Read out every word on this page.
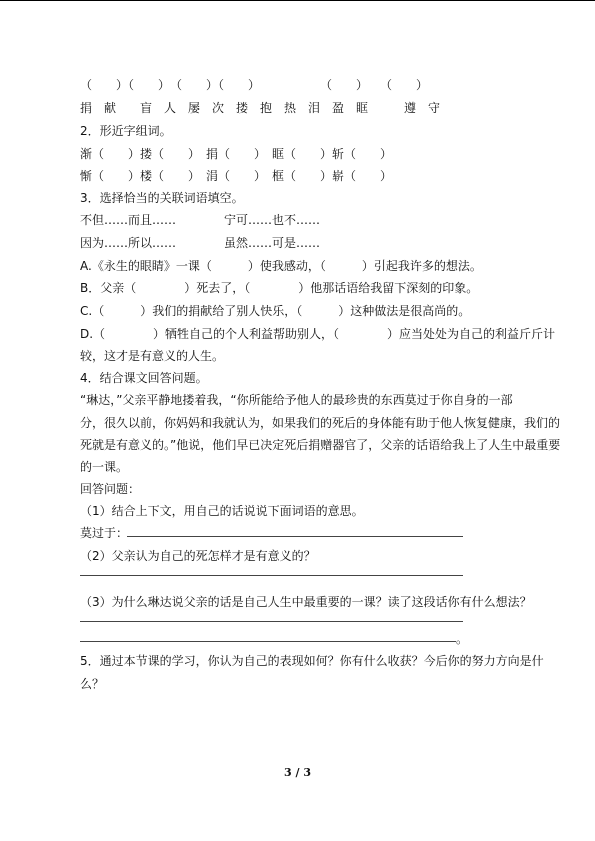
（　　）（　　）　（　　）（　　）　　　　　　（　　）　　（　　）
捐　献　　盲　人　屡　次　搂　抱　热　泪　盈　眶　　　遵　守
2．形近字组词。
渐（　　）搂（　　）　捐（　　）　眶（　　）斩（　　）
惭（　　）楼（　　）　涓（　　）　框（　　）崭（　　）
3．选择恰当的关联词语填空。
不但……而且……　　　　宁可……也不……
因为……所以……　　　　虽然……可是……
A.《永生的眼睛》一课（　　　）使我感动，（　　　）引起我许多的想法。
B．父亲（　　　　）死去了，（　　　　）他那话语给我留下深刻的印象。
C.（　　　）我们的捐献给了别人快乐，（　　　）这种做法是很高尚的。
D.（　　　　）牺牲自己的个人利益帮助别人，（　　　　）应当处处为自己的利益斤斤计
较，这才是有意义的人生。
4．结合课文回答问题。
“琳达，”父亲平静地搂着我，“你所能给予他人的最珍贵的东西莫过于你自身的一部
分，很久以前，你妈妈和我就认为，如果我们的死后的身体能有助于他人恢复健康，我们的
死就是有意义的。”他说，他们早已决定死后捐赠器官了，父亲的话语给我上了人生中最重要
的一课。
回答问题：
（1）结合上下文，用自己的话说说下面词语的意思。
莫过于：
（2）父亲认为自己的死怎样才是有意义的？
（3）为什么琳达说父亲的话是自己人生中最重要的一课？读了这段话你有什么想法？
。
5．通过本节课的学习，你认为自己的表现如何？你有什么收获？今后你的努力方向是什
么？
3 / 3
